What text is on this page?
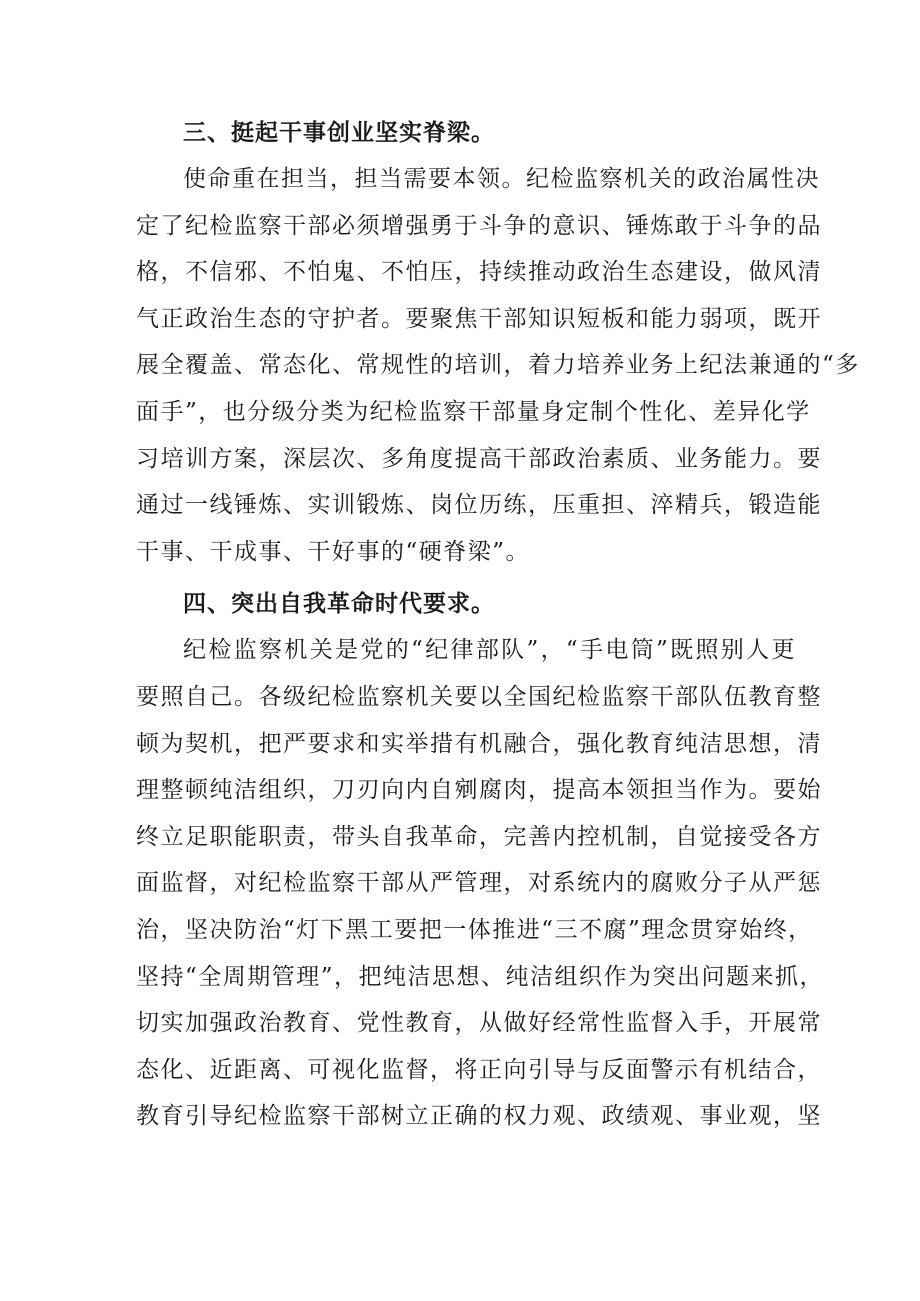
三、挺起干事创业坚实脊梁。

使命重在担当，担当需要本领。纪检监察机关的政治属性决
定了纪检监察干部必须增强勇于斗争的意识、锤炼敢于斗争的品
格，不信邪、不怕鬼、不怕压，持续推动政治生态建设，做风清
气正政治生态的守护者。要聚焦干部知识短板和能力弱项，既开
展全覆盖、常态化、常规性的培训，着力培养业务上纪法兼通的“多
面手”，也分级分类为纪检监察干部量身定制个性化、差异化学
习培训方案，深层次、多角度提高干部政治素质、业务能力。要
通过一线锤炼、实训锻炼、岗位历练，压重担、淬精兵，锻造能
干事、干成事、干好事的“硬脊梁”。

四、突出自我革命时代要求。

纪检监察机关是党的“纪律部队”，“手电筒”既照别人更
要照自己。各级纪检监察机关要以全国纪检监察干部队伍教育整
顿为契机，把严要求和实举措有机融合，强化教育纯洁思想，清
理整顿纯洁组织，刀刃向内自剜腐肉，提高本领担当作为。要始
终立足职能职责，带头自我革命，完善内控机制，自觉接受各方
面监督，对纪检监察干部从严管理，对系统内的腐败分子从严惩
治，坚决防治“灯下黑工要把一体推进“三不腐”理念贯穿始终，
坚持“全周期管理”，把纯洁思想、纯洁组织作为突出问题来抓，
切实加强政治教育、党性教育，从做好经常性监督入手，开展常
态化、近距离、可视化监督，将正向引导与反面警示有机结合，
教育引导纪检监察干部树立正确的权力观、政绩观、事业观，坚
